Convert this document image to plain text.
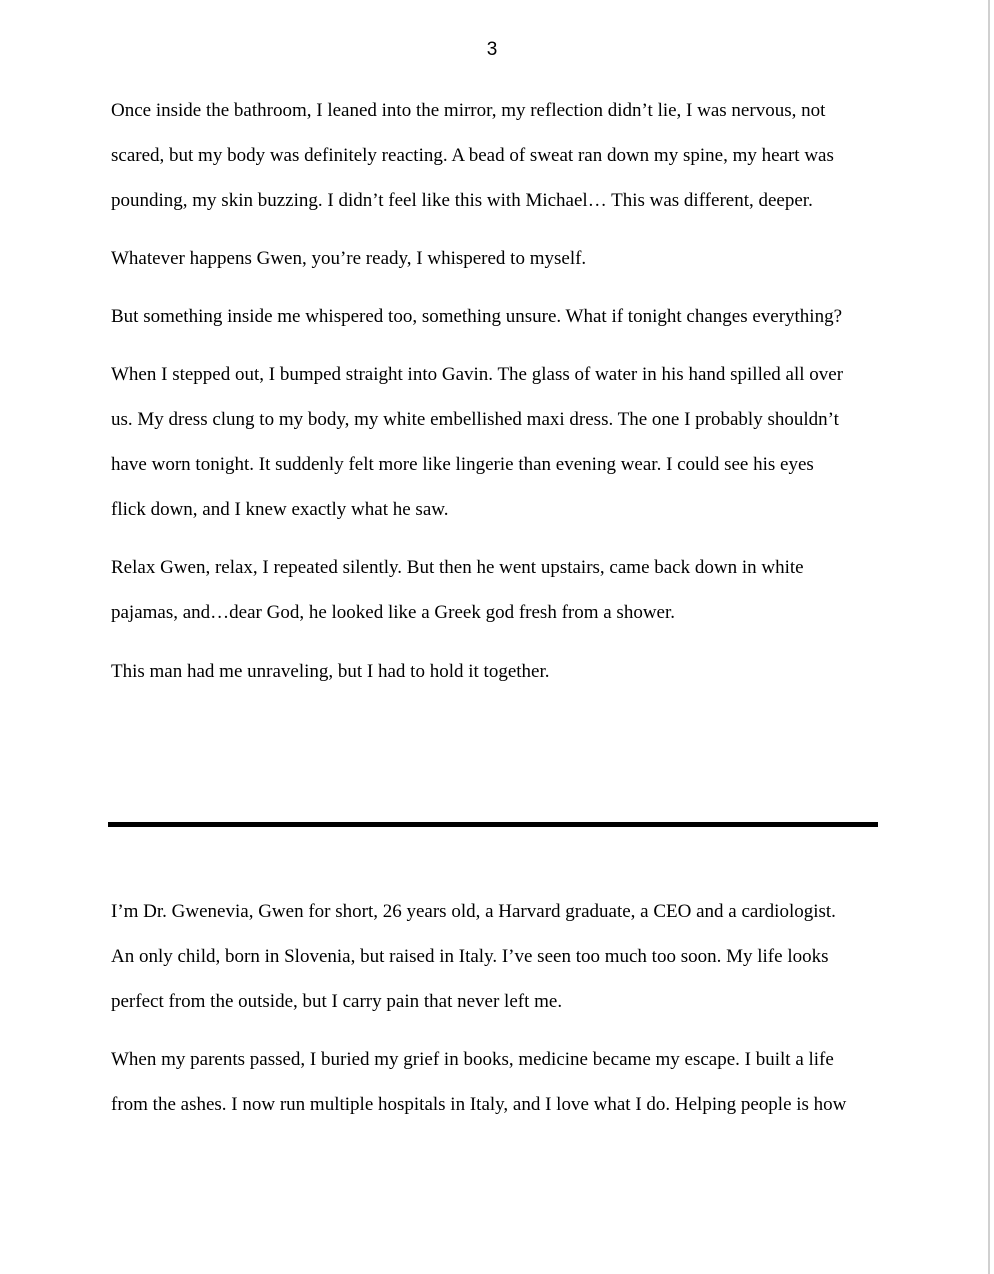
3

Once inside the bathroom, I leaned into the mirror, my reflection didn’t lie, I was nervous, not
scared, but my body was definitely reacting. A bead of sweat ran down my spine, my heart was
pounding, my skin buzzing. I didn’t feel like this with Michael… This was different, deeper.

Whatever happens Gwen, you’re ready, I whispered to myself.

But something inside me whispered too, something unsure. What if tonight changes everything?

When I stepped out, I bumped straight into Gavin. The glass of water in his hand spilled all over
us. My dress clung to my body, my white embellished maxi dress. The one I probably shouldn’t
have worn tonight. It suddenly felt more like lingerie than evening wear. I could see his eyes
flick down, and I knew exactly what he saw.

Relax Gwen, relax, I repeated silently. But then he went upstairs, came back down in white
pajamas, and…dear God, he looked like a Greek god fresh from a shower.

This man had me unraveling, but I had to hold it together.

I’m Dr. Gwenevia, Gwen for short, 26 years old, a Harvard graduate, a CEO and a cardiologist.
An only child, born in Slovenia, but raised in Italy. I’ve seen too much too soon. My life looks
perfect from the outside, but I carry pain that never left me.

When my parents passed, I buried my grief in books, medicine became my escape. I built a life
from the ashes. I now run multiple hospitals in Italy, and I love what I do. Helping people is how
